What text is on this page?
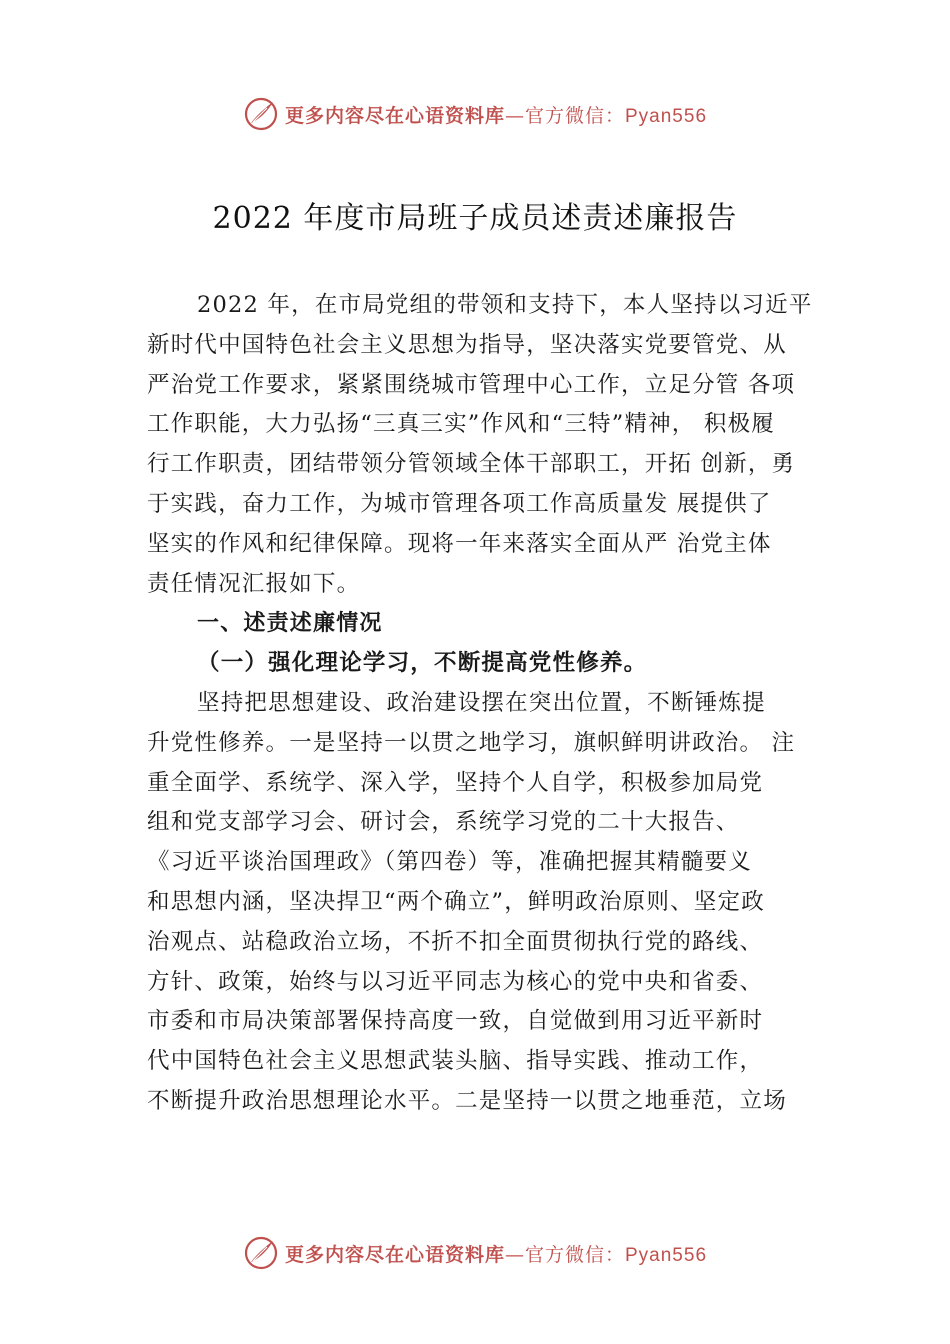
更多内容尽在心语资料库—官方微信：Pyan556
2022 年度市局班子成员述责述廉报告
2022 年，在市局党组的带领和支持下，本人坚持以习近平
新时代中国特色社会主义思想为指导，坚决落实党要管党、从
严治党工作要求，紧紧围绕城市管理中心工作，立足分管 各项
工作职能，大力弘扬“三真三实”作风和“三特”精神， 积极履
行工作职责，团结带领分管领域全体干部职工，开拓 创新，勇
于实践，奋力工作，为城市管理各项工作高质量发 展提供了
坚实的作风和纪律保障。现将一年来落实全面从严 治党主体
责任情况汇报如下。
一、述责述廉情况
（一）强化理论学习，不断提高党性修养。
坚持把思想建设、政治建设摆在突出位置，不断锤炼提
升党性修养。一是坚持一以贯之地学习，旗帜鲜明讲政治。 注
重全面学、系统学、深入学，坚持个人自学，积极参加局党
组和党支部学习会、研讨会，系统学习党的二十大报告、
《习近平谈治国理政》（第四卷）等，准确把握其精髓要义
和思想内涵，坚决捍卫“两个确立”，鲜明政治原则、坚定政
治观点、站稳政治立场，不折不扣全面贯彻执行党的路线、
方针、政策，始终与以习近平同志为核心的党中央和省委、
市委和市局决策部署保持高度一致，自觉做到用习近平新时
代中国特色社会主义思想武装头脑、指导实践、推动工作，
不断提升政治思想理论水平。二是坚持一以贯之地垂范，立场
更多内容尽在心语资料库—官方微信：Pyan556
